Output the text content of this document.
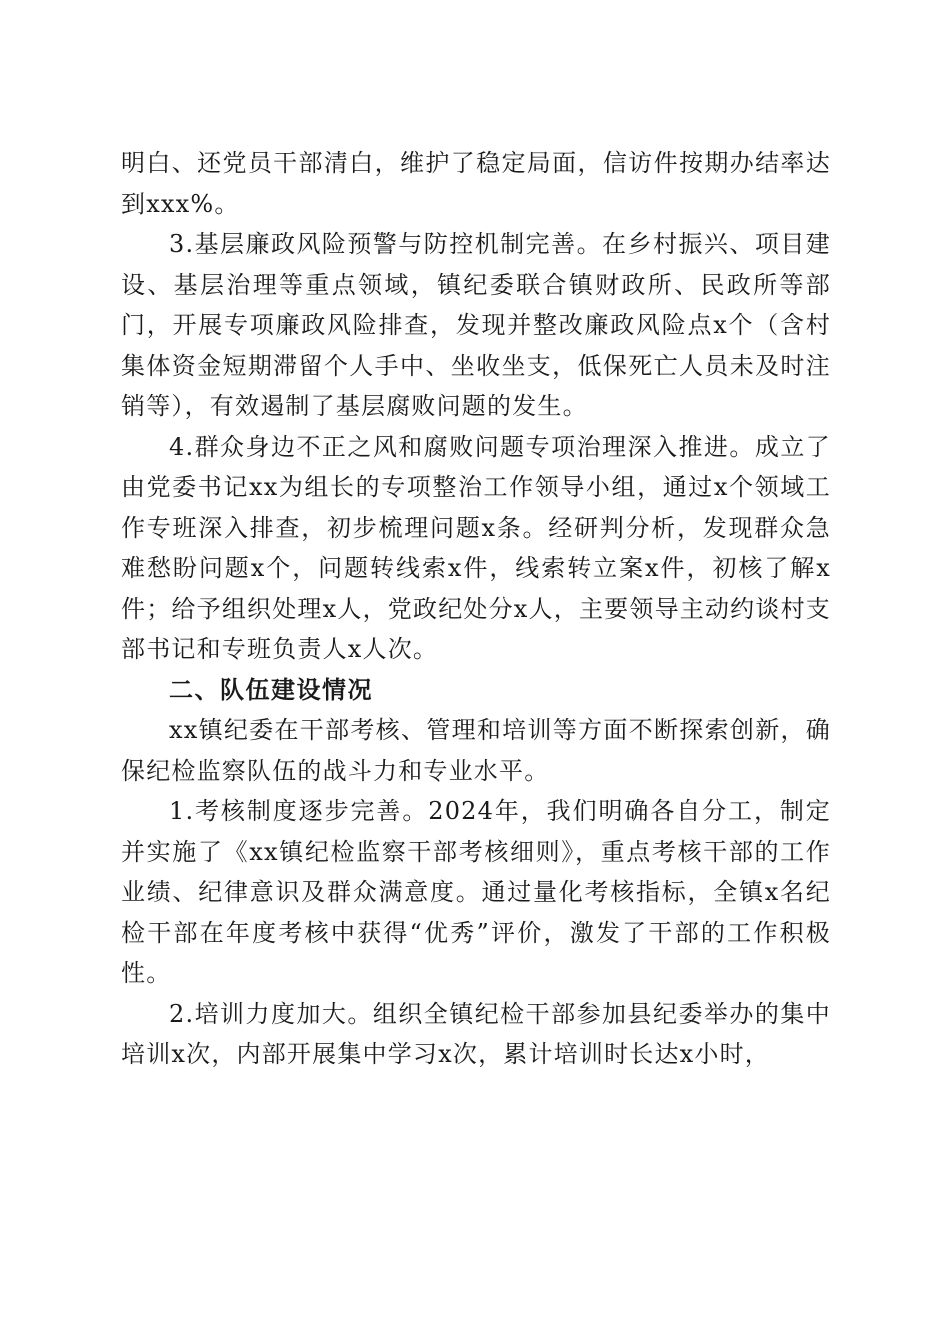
明白、还党员干部清白，维护了稳定局面，信访件按期办结率达到xxx%。

3.基层廉政风险预警与防控机制完善。在乡村振兴、项目建设、基层治理等重点领域，镇纪委联合镇财政所、民政所等部门，开展专项廉政风险排查，发现并整改廉政风险点x个（含村集体资金短期滞留个人手中、坐收坐支，低保死亡人员未及时注销等），有效遏制了基层腐败问题的发生。

4.群众身边不正之风和腐败问题专项治理深入推进。成立了由党委书记xx为组长的专项整治工作领导小组，通过x个领域工作专班深入排查，初步梳理问题x条。经研判分析，发现群众急难愁盼问题x个，问题转线索x件，线索转立案x件，初核了解x件；给予组织处理x人，党政纪处分x人，主要领导主动约谈村支部书记和专班负责人x人次。

二、队伍建设情况

xx镇纪委在干部考核、管理和培训等方面不断探索创新，确保纪检监察队伍的战斗力和专业水平。

1.考核制度逐步完善。2024年，我们明确各自分工，制定并实施了《xx镇纪检监察干部考核细则》，重点考核干部的工作业绩、纪律意识及群众满意度。通过量化考核指标，全镇x名纪检干部在年度考核中获得“优秀”评价，激发了干部的工作积极性。

2.培训力度加大。组织全镇纪检干部参加县纪委举办的集中培训x次，内部开展集中学习x次，累计培训时长达x小时，
